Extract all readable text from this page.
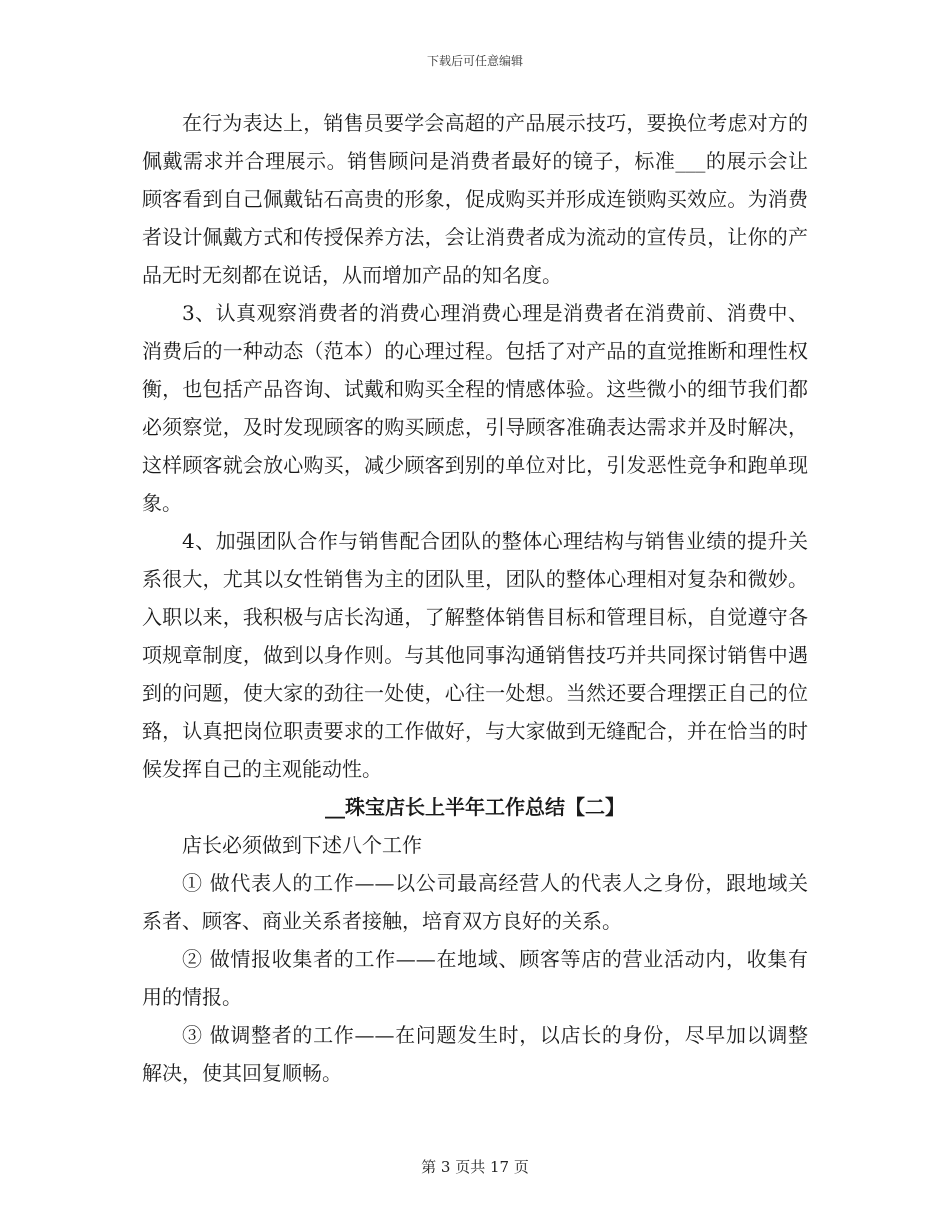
下载后可任意编辑

在行为表达上，销售员要学会高超的产品展示技巧，要换位考虑对方的佩戴需求并合理展示。销售顾问是消费者最好的镜子，标准___的展示会让顾客看到自己佩戴钻石高贵的形象，促成购买并形成连锁购买效应。为消费者设计佩戴方式和传授保养方法，会让消费者成为流动的宣传员，让你的产品无时无刻都在说话，从而增加产品的知名度。

3、认真观察消费者的消费心理消费心理是消费者在消费前、消费中、消费后的一种动态（范本）的心理过程。包括了对产品的直觉推断和理性权衡，也包括产品咨询、试戴和购买全程的情感体验。这些微小的细节我们都必须察觉，及时发现顾客的购买顾虑，引导顾客准确表达需求并及时解决，这样顾客就会放心购买，减少顾客到别的单位对比，引发恶性竞争和跑单现象。

4、加强团队合作与销售配合团队的整体心理结构与销售业绩的提升关系很大，尤其以女性销售为主的团队里，团队的整体心理相对复杂和微妙。入职以来，我积极与店长沟通，了解整体销售目标和管理目标，自觉遵守各项规章制度，做到以身作则。与其他同事沟通销售技巧并共同探讨销售中遇到的问题，使大家的劲往一处使，心往一处想。当然还要合理摆正自己的位臵，认真把岗位职责要求的工作做好，与大家做到无缝配合，并在恰当的时候发挥自己的主观能动性。

__珠宝店长上半年工作总结【二】

店长必须做到下述八个工作

① 做代表人的工作——以公司最高经营人的代表人之身份，跟地域关系者、顾客、商业关系者接触，培育双方良好的关系。

② 做情报收集者的工作——在地域、顾客等店的营业活动内，收集有用的情报。

③ 做调整者的工作——在问题发生时，以店长的身份，尽早加以调整解决，使其回复顺畅。

第 3 页共 17 页
